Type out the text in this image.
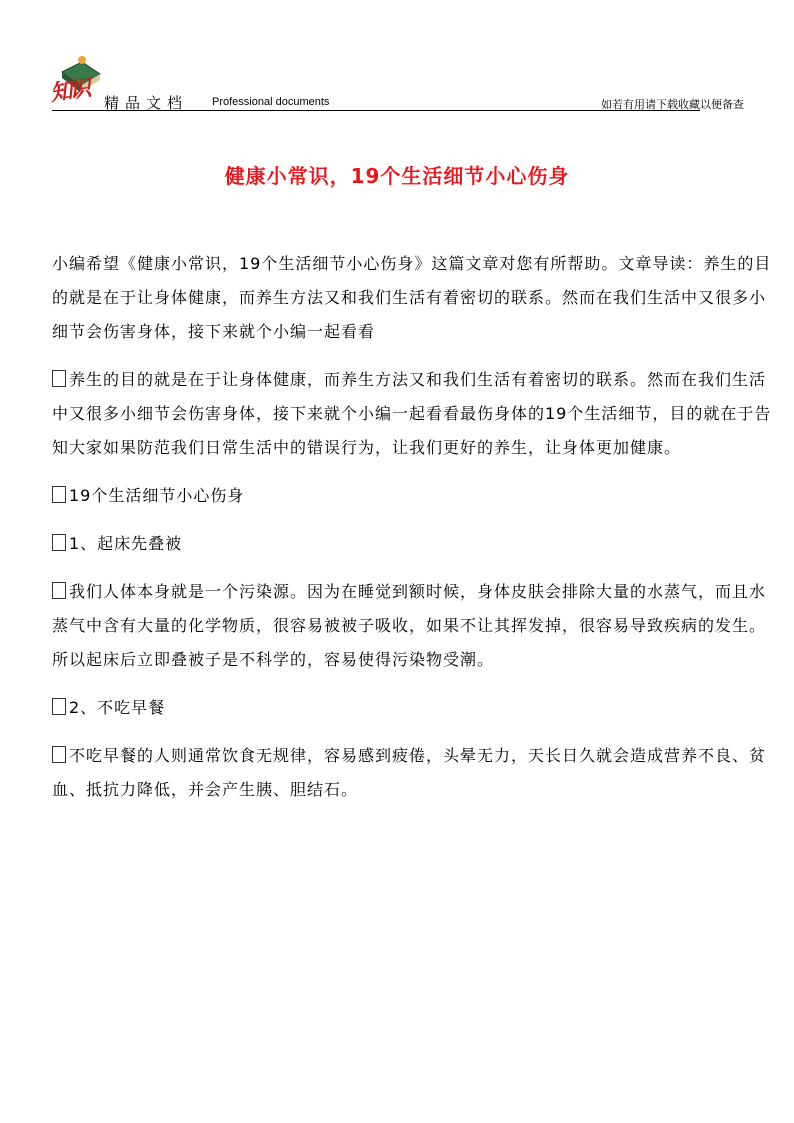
知识 精品文档 Professional documents	如若有用请下载收藏以便备查
健康小常识，19个生活细节小心伤身

小编希望《健康小常识，19个生活细节小心伤身》这篇文章对您有所帮助。文章导读：养生的目的就是在于让身体健康，而养生方法又和我们生活有着密切的联系。然而在我们生活中又很多小细节会伤害身体，接下来就个小编一起看看

养生的目的就是在于让身体健康，而养生方法又和我们生活有着密切的联系。然而在我们生活中又很多小细节会伤害身体，接下来就个小编一起看看最伤身体的19个生活细节，目的就在于告知大家如果防范我们日常生活中的错误行为，让我们更好的养生，让身体更加健康。

19个生活细节小心伤身

1、起床先叠被

我们人体本身就是一个污染源。因为在睡觉到额时候，身体皮肤会排除大量的水蒸气，而且水蒸气中含有大量的化学物质，很容易被被子吸收，如果不让其挥发掉，很容易导致疾病的发生。所以起床后立即叠被子是不科学的，容易使得污染物受潮。

2、不吃早餐

不吃早餐的人则通常饮食无规律，容易感到疲倦，头晕无力，天长日久就会造成营养不良、贫血、抵抗力降低，并会产生胰、胆结石。
